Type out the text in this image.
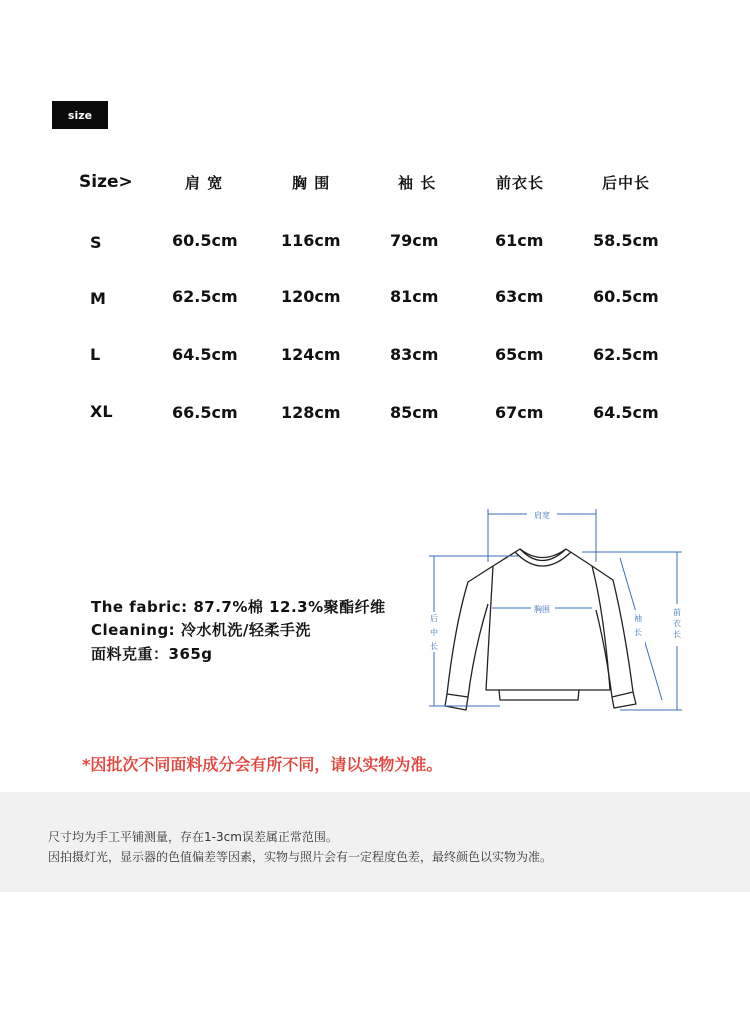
size
Size>	肩 宽	胸 围	袖 长	前衣长	后中长
S	60.5cm	116cm	79cm	61cm	58.5cm
M	62.5cm	120cm	81cm	63cm	60.5cm
L	64.5cm	124cm	83cm	65cm	62.5cm
XL	66.5cm	128cm	85cm	67cm	64.5cm
The fabric: 87.7%棉 12.3%聚酯纤维
Cleaning: 冷水机洗/轻柔手洗
面料克重：365g
肩宽
胸围
后中长	袖长	前衣长
*因批次不同面料成分会有所不同，请以实物为准。
尺寸均为手工平铺测量，存在1-3cm误差属正常范围。
因拍摄灯光，显示器的色值偏差等因素，实物与照片会有一定程度色差，最终颜色以实物为准。
